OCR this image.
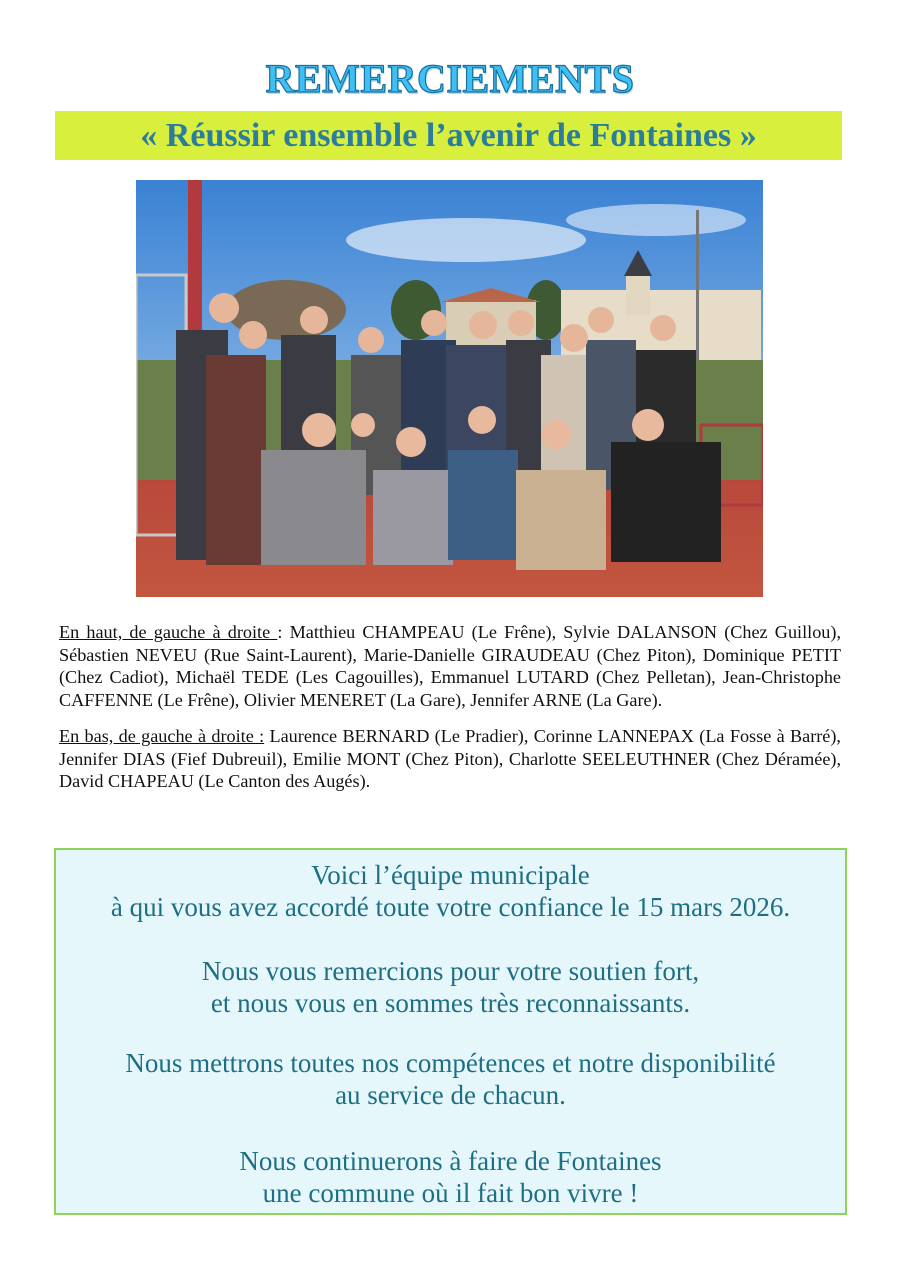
REMERCIEMENTS
« Réussir ensemble l’avenir de Fontaines »
En haut, de gauche à droite : Matthieu CHAMPEAU (Le Frêne), Sylvie DALANSON (Chez Guillou), Sébastien NEVEU (Rue Saint-Laurent), Marie-Danielle GIRAUDEAU (Chez Piton), Dominique PETIT (Chez Cadiot), Michaël TEDE (Les Cagouilles), Emmanuel LUTARD (Chez Pelletan), Jean-Christophe CAFFENNE (Le Frêne), Olivier MENERET (La Gare), Jennifer ARNE (La Gare).
En bas, de gauche à droite : Laurence BERNARD (Le Pradier), Corinne LANNEPAX (La Fosse à Barré), Jennifer DIAS (Fief Dubreuil), Emilie MONT (Chez Piton), Charlotte SEELEUTHNER (Chez Déramée), David CHAPEAU (Le Canton des Augés).
Voici l’équipe municipale
à qui vous avez accordé toute votre confiance le 15 mars 2026.
Nous vous remercions pour votre soutien fort,
et nous vous en sommes très reconnaissants.
Nous mettrons toutes nos compétences et notre disponibilité
au service de chacun.
Nous continuerons à faire de Fontaines
une commune où il fait bon vivre !
